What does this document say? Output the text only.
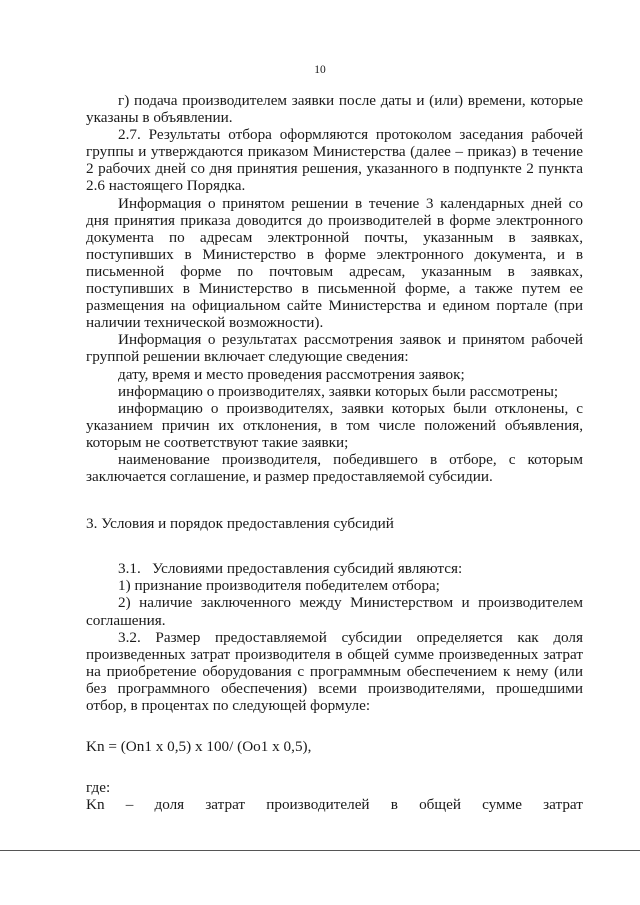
10

г) подача производителем заявки после даты и (или) времени, которые указаны в объявлении.

2.7. Результаты отбора оформляются протоколом заседания рабочей группы и утверждаются приказом Министерства (далее – приказ) в течение 2 рабочих дней со дня принятия решения, указанного в подпункте 2 пункта 2.6 настоящего Порядка.

Информация о принятом решении в течение 3 календарных дней со дня принятия приказа доводится до производителей в форме электронного документа по адресам электронной почты, указанным в заявках, поступивших в Министерство в форме электронного документа, и в письменной форме по почтовым адресам, указанным в заявках, поступивших в Министерство в письменной форме, а также путем ее размещения на официальном сайте Министерства и едином портале (при наличии технической возможности).

Информация о результатах рассмотрения заявок и принятом рабочей группой решении включает следующие сведения:

дату, время и место проведения рассмотрения заявок;

информацию о производителях, заявки которых были рассмотрены;

информацию о производителях, заявки которых были отклонены, с указанием причин их отклонения, в том числе положений объявления, которым не соответствуют такие заявки;

наименование производителя, победившего в отборе, с которым заключается соглашение, и размер предоставляемой субсидии.

3. Условия и порядок предоставления субсидий

3.1.   Условиями предоставления субсидий являются:

1) признание производителя победителем отбора;

2) наличие заключенного между Министерством и производителем соглашения.

3.2. Размер предоставляемой субсидии определяется как доля произведенных затрат производителя в общей сумме произведенных затрат на приобретение оборудования с программным обеспечением к нему (или без программного обеспечения) всеми производителями, прошедшими отбор, в процентах по следующей формуле:

Kn = (Оn1 x 0,5) x 100/ (Оо1 x 0,5),

где:

Kn – доля затрат производителей в общей сумме затрат
